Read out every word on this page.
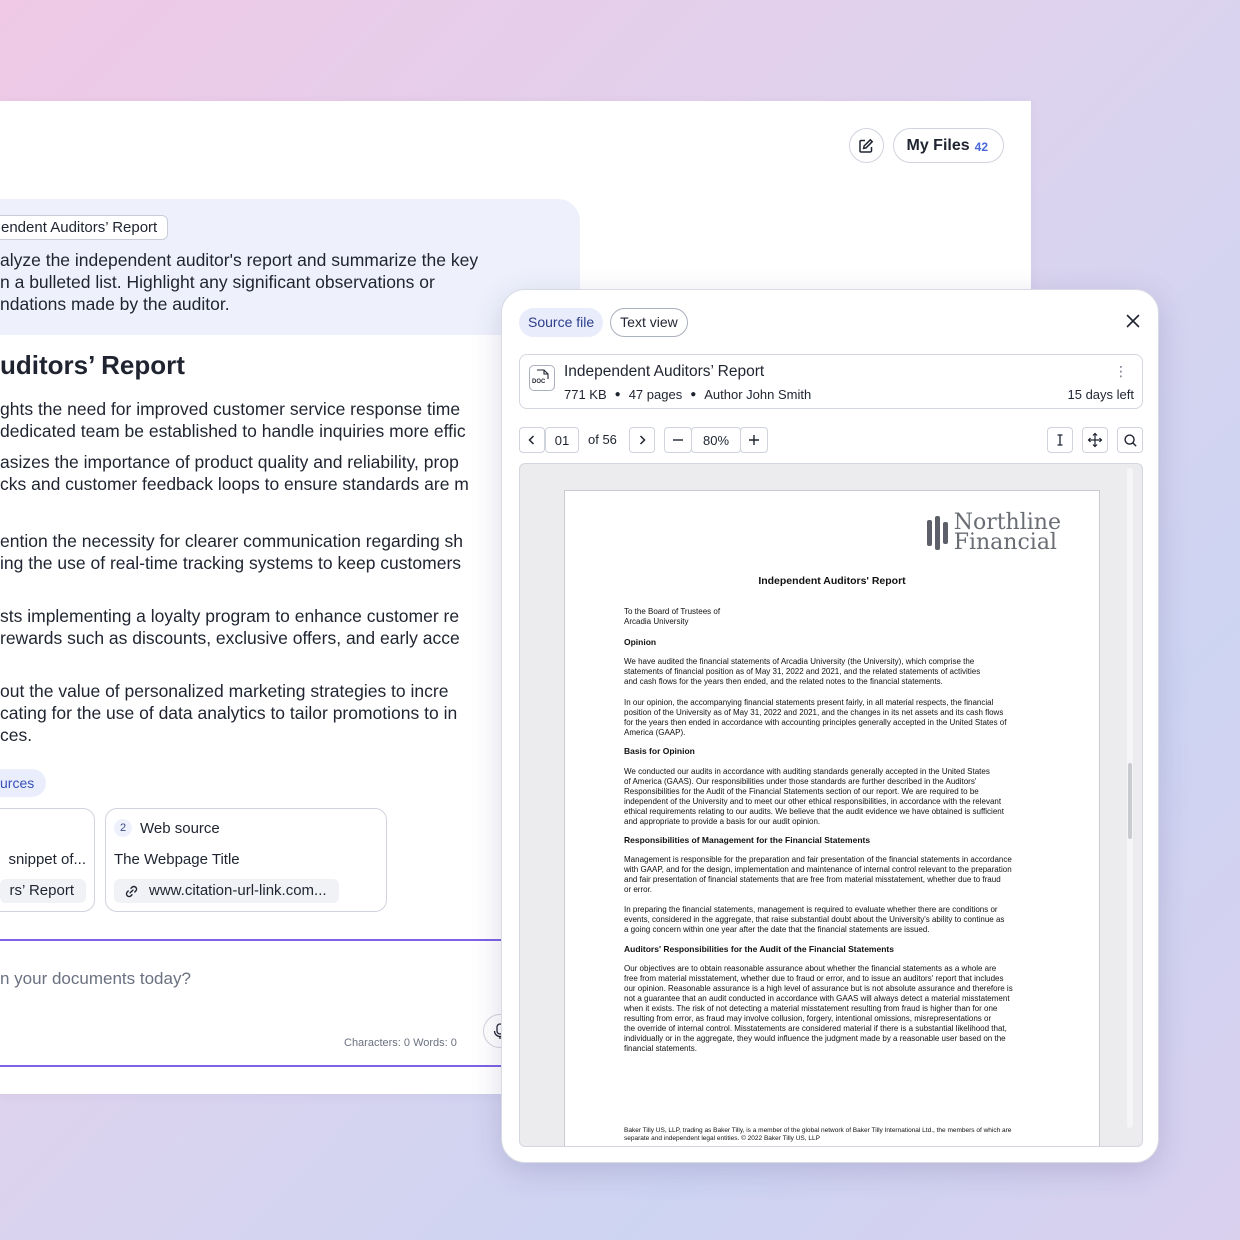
My Files 42
endent Auditors’ Report
alyze the independent auditor's report and summarize the key
n a bulleted list. Highlight any significant observations or
ndations made by the auditor.
uditors’ Report
ghts the need for improved customer service response time
dedicated team be established to handle inquiries more effic
asizes the importance of product quality and reliability, prop
cks and customer feedback loops to ensure standards are m
ention the necessity for clearer communication regarding sh
ing the use of real-time tracking systems to keep customers
sts implementing a loyalty program to enhance customer re
rewards such as discounts, exclusive offers, and early acce
out the value of personalized marketing strategies to incre
cating for the use of data analytics to tailor promotions to in
ces.
urces
snippet of...
rs’ Report
2 Web source
The Webpage Title
www.citation-url-link.com...
n your documents today?
Characters: 0 Words: 0
Source file	Text view
DOC
Independent Auditors’ Report
771 KB ● 47 pages ● Author John Smith
⋮
15 days left
01	of 56	80%
Northline
Financial
Independent Auditors' Report
To the Board of Trustees of
Arcadia University
Opinion
We have audited the financial statements of Arcadia University (the University), which comprise the
statements of financial position as of May 31, 2022 and 2021, and the related statements of activities
and cash flows for the years then ended, and the related notes to the financial statements.
In our opinion, the accompanying financial statements present fairly, in all material respects, the financial
position of the University as of May 31, 2022 and 2021, and the changes in its net assets and its cash flows
for the years then ended in accordance with accounting principles generally accepted in the United States of
America (GAAP).
Basis for Opinion
We conducted our audits in accordance with auditing standards generally accepted in the United States
of America (GAAS). Our responsibilities under those standards are further described in the Auditors'
Responsibilities for the Audit of the Financial Statements section of our report. We are required to be
independent of the University and to meet our other ethical responsibilities, in accordance with the relevant
ethical requirements relating to our audits. We believe that the audit evidence we have obtained is sufficient
and appropriate to provide a basis for our audit opinion.
Responsibilities of Management for the Financial Statements
Management is responsible for the preparation and fair presentation of the financial statements in accordance
with GAAP, and for the design, implementation and maintenance of internal control relevant to the preparation
and fair presentation of financial statements that are free from material misstatement, whether due to fraud
or error.
In preparing the financial statements, management is required to evaluate whether there are conditions or
events, considered in the aggregate, that raise substantial doubt about the University's ability to continue as
a going concern within one year after the date that the financial statements are issued.
Auditors' Responsibilities for the Audit of the Financial Statements
Our objectives are to obtain reasonable assurance about whether the financial statements as a whole are
free from material misstatement, whether due to fraud or error, and to issue an auditors' report that includes
our opinion. Reasonable assurance is a high level of assurance but is not absolute assurance and therefore is
not a guarantee that an audit conducted in accordance with GAAS will always detect a material misstatement
when it exists. The risk of not detecting a material misstatement resulting from fraud is higher than for one
resulting from error, as fraud may involve collusion, forgery, intentional omissions, misrepresentations or
the override of internal control. Misstatements are considered material if there is a substantial likelihood that,
individually or in the aggregate, they would influence the judgment made by a reasonable user based on the
financial statements.
Baker Tilly US, LLP, trading as Baker Tilly, is a member of the global network of Baker Tilly International Ltd., the members of which are
separate and independent legal entities. © 2022 Baker Tilly US, LLP
